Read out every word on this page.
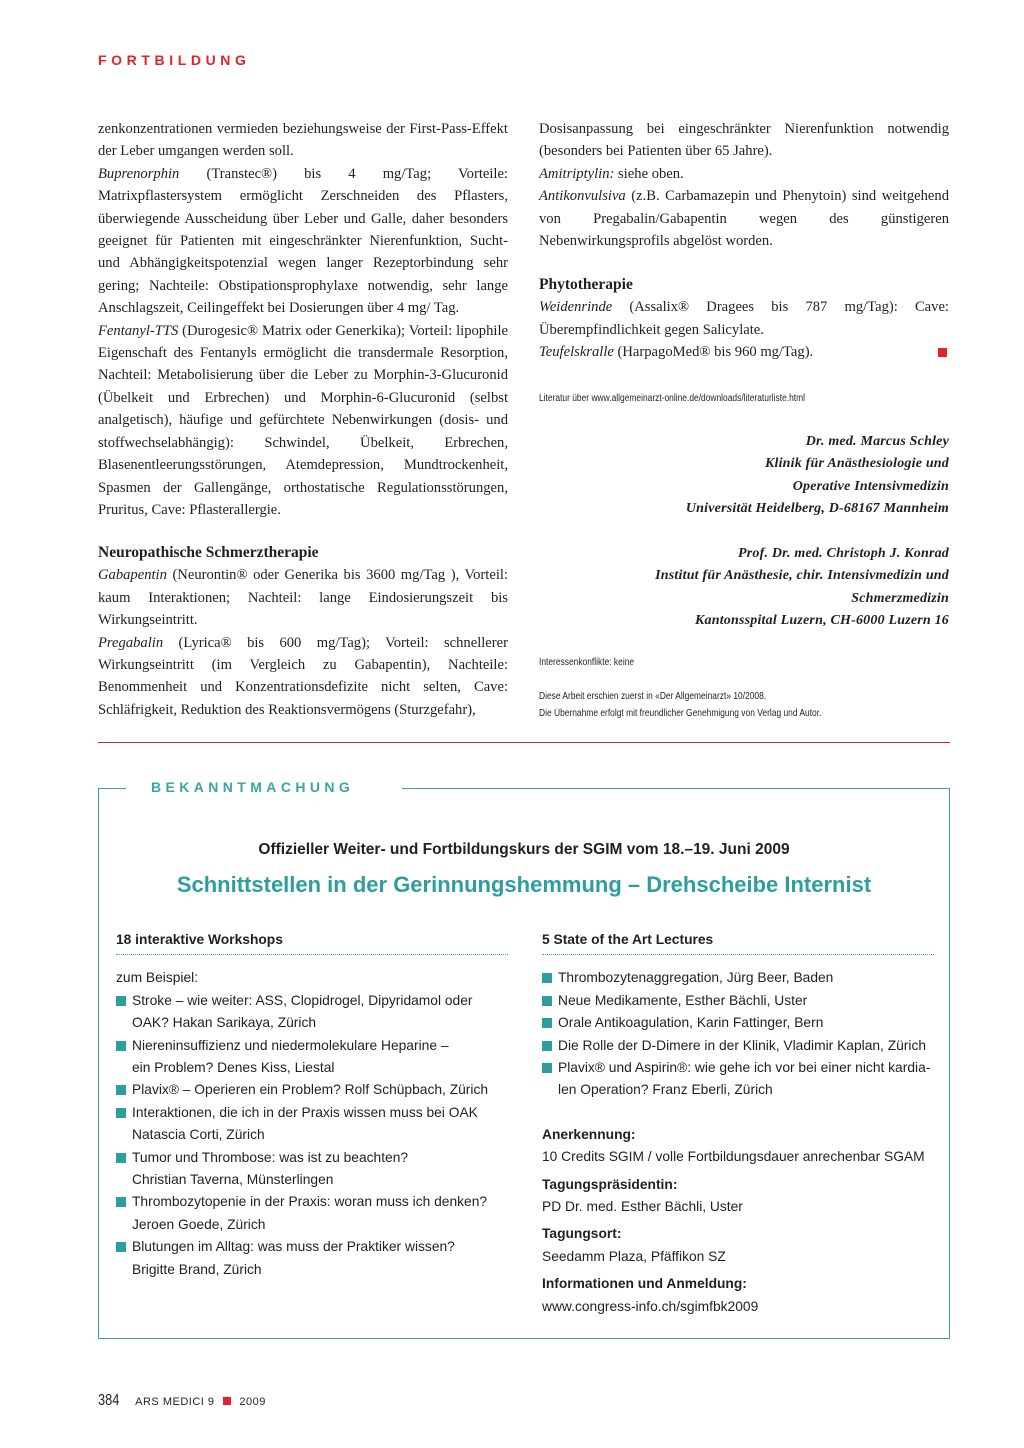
FORTBILDUNG

zenkonzentrationen vermieden beziehungsweise der First-Pass-Effekt der Leber umgangen werden soll.

Buprenorphin (Transtec®) bis 4 mg/Tag; Vorteile: Matrixpflastersystem ermöglicht Zerschneiden des Pflasters, überwiegende Ausscheidung über Leber und Galle, daher besonders geeignet für Patienten mit eingeschränkter Nierenfunktion, Sucht- und Abhängigkeitspotenzial wegen langer Rezeptorbindung sehr gering; Nachteile: Obstipationsprophylaxe notwendig, sehr lange Anschlagszeit, Ceilingeffekt bei Dosierungen über 4 mg/ Tag.

Fentanyl-TTS (Durogesic® Matrix oder Generkika); Vorteil: lipophile Eigenschaft des Fentanyls ermöglicht die transdermale Resorption, Nachteil: Metabolisierung über die Leber zu Morphin-3-Glucuronid (Übelkeit und Erbrechen) und Morphin-6-Glucuronid (selbst analgetisch), häufige und gefürchtete Nebenwirkungen (dosis- und stoffwechselabhängig): Schwindel, Übelkeit, Erbrechen, Blasenentleerungsstörungen, Atemdepression, Mundtrockenheit, Spasmen der Gallengänge, orthostatische Regulationsstörungen, Pruritus, Cave: Pflasterallergie.

Neuropathische Schmerztherapie

Gabapentin (Neurontin® oder Generika bis 3600 mg/Tag ), Vorteil: kaum Interaktionen; Nachteil: lange Eindosierungszeit bis Wirkungseintritt.

Pregabalin (Lyrica® bis 600 mg/Tag); Vorteil: schnellerer Wirkungseintritt (im Vergleich zu Gabapentin), Nachteile: Benommenheit und Konzentrationsdefizite nicht selten, Cave: Schläfrigkeit, Reduktion des Reaktionsvermögens (Sturzgefahr),

Dosisanpassung bei eingeschränkter Nierenfunktion notwendig (besonders bei Patienten über 65 Jahre).

Amitriptylin: siehe oben.

Antikonvulsiva (z.B. Carbamazepin und Phenytoin) sind weitgehend von Pregabalin/Gabapentin wegen des günstigeren Nebenwirkungsprofils abgelöst worden.

Phytotherapie

Weidenrinde (Assalix® Dragees bis 787 mg/Tag): Cave: Überempfindlichkeit gegen Salicylate.

Teufelskralle (HarpagoMed® bis 960 mg/Tag).

Literatur über www.allgemeinarzt-online.de/downloads/literaturliste.html

Dr. med. Marcus Schley

Klinik für Anästhesiologie und

Operative Intensivmedizin

Universität Heidelberg, D-68167 Mannheim

Prof. Dr. med. Christoph J. Konrad

Institut für Anästhesie, chir. Intensivmedizin und

Schmerzmedizin

Kantonsspital Luzern, CH-6000 Luzern 16

Interessenkonflikte: keine
Diese Arbeit erschien zuerst in «Der Allgemeinarzt» 10/2008.
Die Übernahme erfolgt mit freundlicher Genehmigung von Verlag und Autor.
BEKANNTMACHUNG
Offizieller Weiter- und Fortbildungskurs der SGIM vom 18.–19. Juni 2009
Schnittstellen in der Gerinnungshemmung – Drehscheibe Internist
18 interaktive Workshops
zum Beispiel:
Stroke – wie weiter: ASS, Clopidrogel, Dipyridamol oder
OAK? Hakan Sarikaya, Zürich
Niereninsuffizienz und niedermolekulare Heparine –
ein Problem? Denes Kiss, Liestal
Plavix® – Operieren ein Problem? Rolf Schüpbach, Zürich
Interaktionen, die ich in der Praxis wissen muss bei OAK
Natascia Corti, Zürich
Tumor und Thrombose: was ist zu beachten?
Christian Taverna, Münsterlingen
Thrombozytopenie in der Praxis: woran muss ich denken?
Jeroen Goede, Zürich
Blutungen im Alltag: was muss der Praktiker wissen?
Brigitte Brand, Zürich
5 State of the Art Lectures
Thrombozytenaggregation, Jürg Beer, Baden
Neue Medikamente, Esther Bächli, Uster
Orale Antikoagulation, Karin Fattinger, Bern
Die Rolle der D-Dimere in der Klinik, Vladimir Kaplan, Zürich
Plavix® und Aspirin®: wie gehe ich vor bei einer nicht kardia-
len Operation? Franz Eberli, Zürich
Anerkennung:
10 Credits SGIM / volle Fortbildungsdauer anrechenbar SGAM
Tagungspräsidentin:
PD Dr. med. Esther Bächli, Uster
Tagungsort:
Seedamm Plaza, Pfäffikon SZ
Informationen und Anmeldung:
www.congress-info.ch/sgimfbk2009
384 ARS MEDICI 9 2009
